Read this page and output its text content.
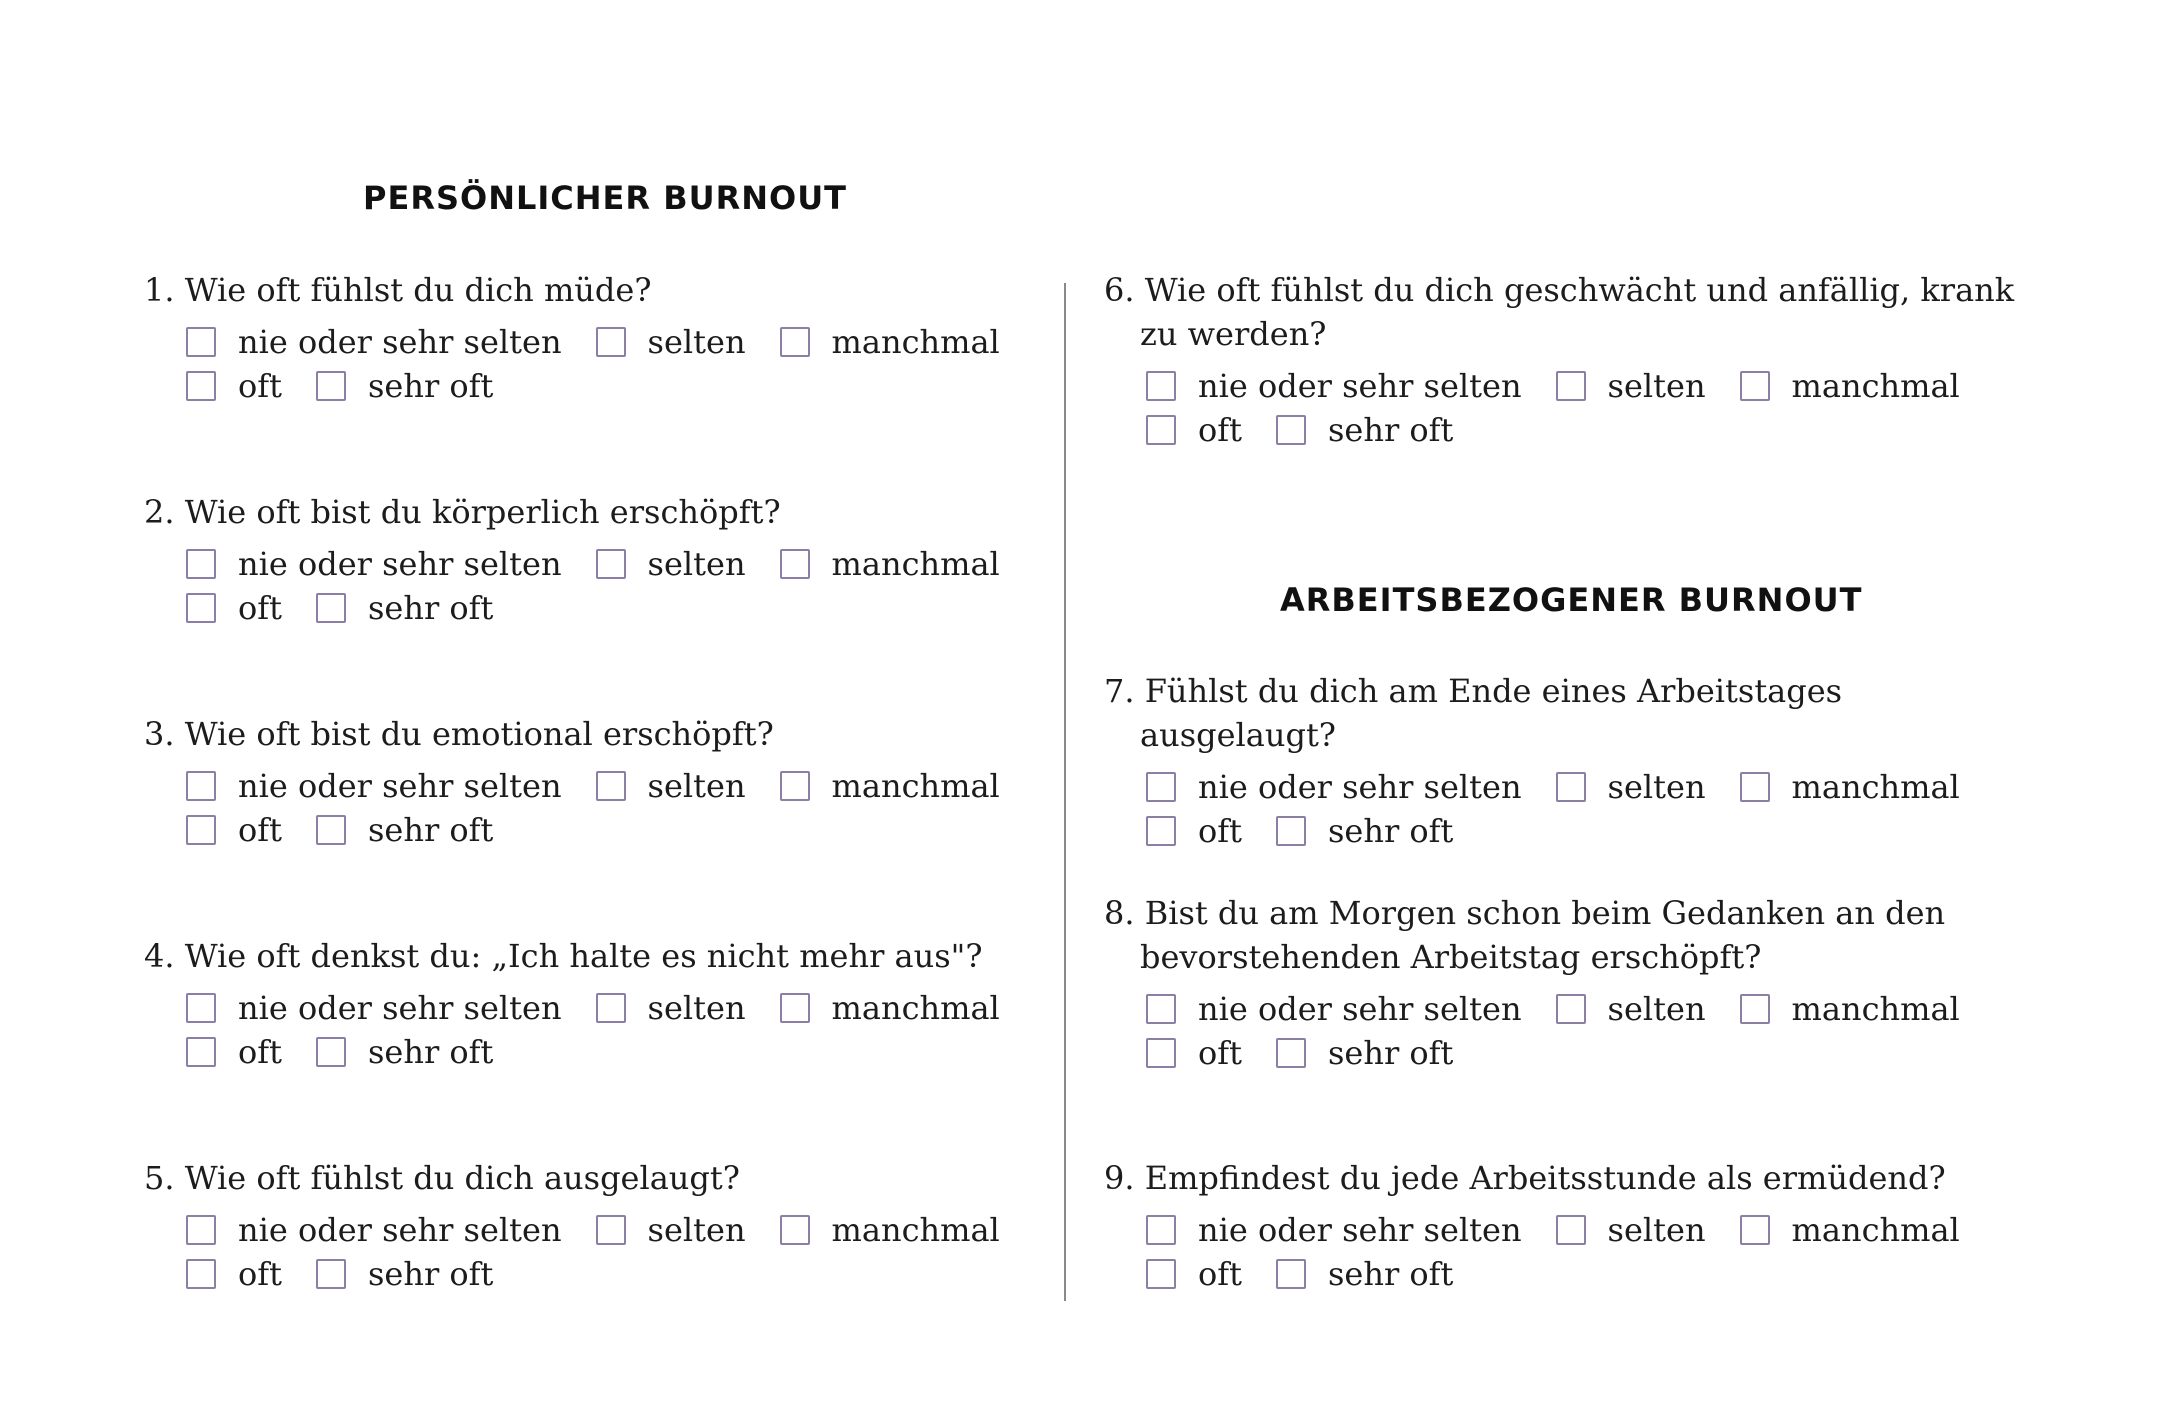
PERSÖNLICHER BURNOUT
ARBEITSBEZOGENER BURNOUT

1. Wie oft fühlst du dich müde?

nie oder sehr selten	selten	manchmal
oft	sehr oft

2. Wie oft bist du körperlich erschöpft?

nie oder sehr selten	selten	manchmal
oft	sehr oft

3. Wie oft bist du emotional erschöpft?

nie oder sehr selten	selten	manchmal
oft	sehr oft

4. Wie oft denkst du: „Ich halte es nicht mehr aus"?

nie oder sehr selten	selten	manchmal
oft	sehr oft

5. Wie oft fühlst du dich ausgelaugt?

nie oder sehr selten	selten	manchmal
oft	sehr oft

6. Wie oft fühlst du dich geschwächt und anfällig, krank zu werden?

nie oder sehr selten	selten	manchmal
oft	sehr oft

7. Fühlst du dich am Ende eines Arbeitstages ausgelaugt?

nie oder sehr selten	selten	manchmal
oft	sehr oft

8. Bist du am Morgen schon beim Gedanken an den bevorstehenden Arbeitstag erschöpft?

nie oder sehr selten	selten	manchmal
oft	sehr oft

9. Empfindest du jede Arbeitsstunde als ermüdend?

nie oder sehr selten	selten	manchmal
oft	sehr oft
